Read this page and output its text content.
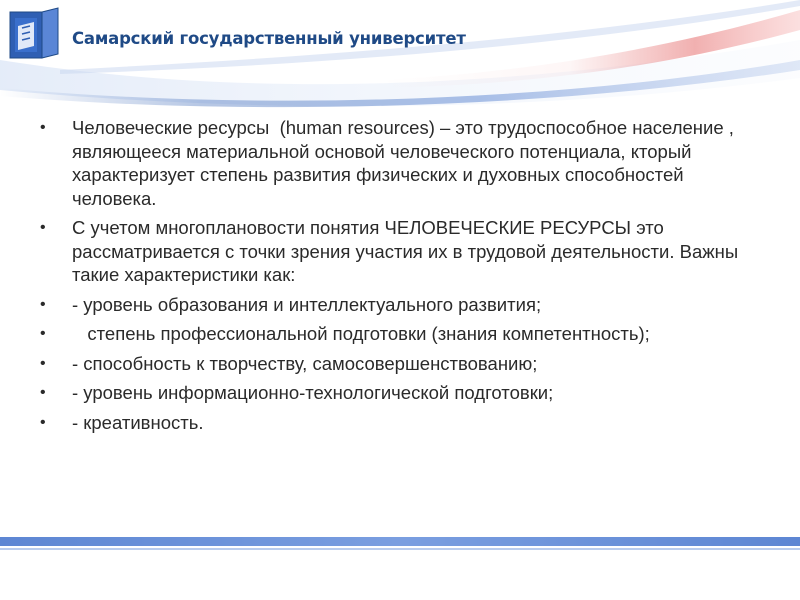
Самарский государственный университет
•	Человеческие ресурсы  (human resources) – это трудоспособное население , являющееся материальной основой человеческого потенциала, кторый  характеризует степень развития физических и духовных способностей человека.
•	С учетом многоплановости понятия ЧЕЛОВЕЧЕСКИЕ РЕСУРСЫ это рассматривается с точки зрения участия их в трудовой деятельности. Важны такие характеристики как:
•	- уровень образования и интеллектуального развития;
•	степень профессиональной подготовки (знания компетентность);
•	- способность к творчеству, самосовершенствованию;
•	- уровень информационно-технологической подготовки;
•	- креативность.
